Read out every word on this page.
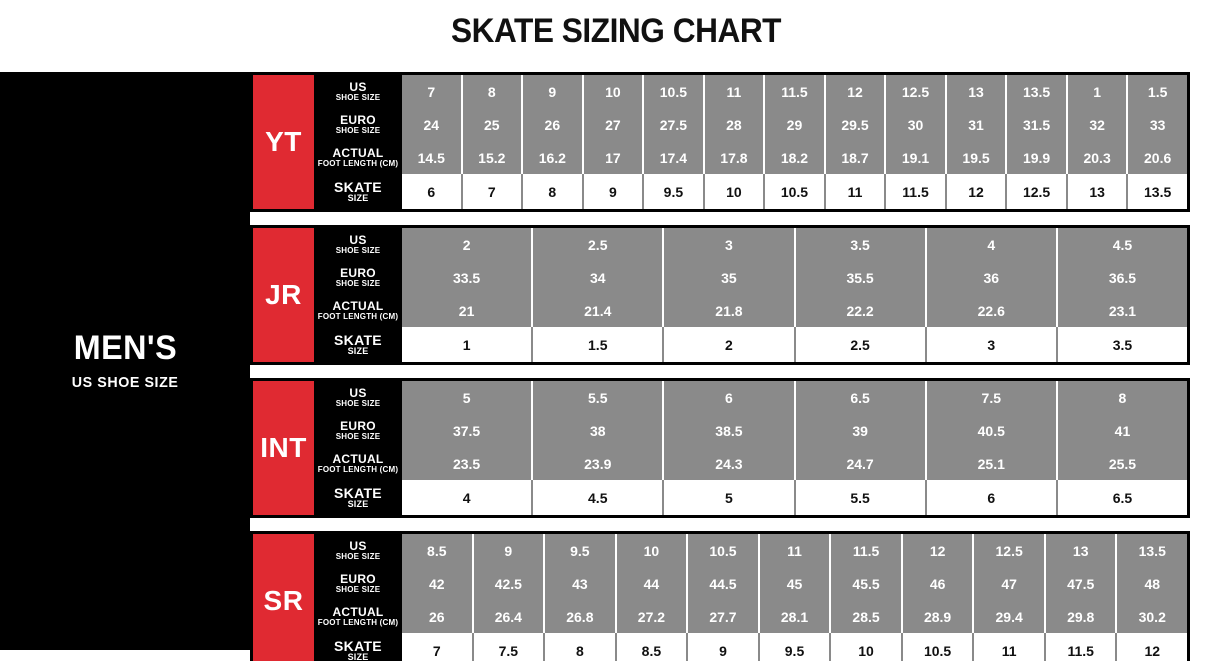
SKATE SIZING CHART
MEN'S
US SHOE SIZE
YT
US
SHOE SIZE	7	8	9	10	10.5	11	11.5	12	12.5	13	13.5	1	1.5
EURO
SHOE SIZE	24	25	26	27	27.5	28	29	29.5	30	31	31.5	32	33
ACTUAL
FOOT LENGTH (CM)	14.5	15.2	16.2	17	17.4	17.8	18.2	18.7	19.1	19.5	19.9	20.3	20.6
SKATE
SIZE	6	7	8	9	9.5	10	10.5	11	11.5	12	12.5	13	13.5
JR
US
SHOE SIZE	2	2.5	3	3.5	4	4.5
EURO
SHOE SIZE	33.5	34	35	35.5	36	36.5
ACTUAL
FOOT LENGTH (CM)	21	21.4	21.8	22.2	22.6	23.1
SKATE
SIZE	1	1.5	2	2.5	3	3.5
INT
US
SHOE SIZE	5	5.5	6	6.5	7.5	8
EURO
SHOE SIZE	37.5	38	38.5	39	40.5	41
ACTUAL
FOOT LENGTH (CM)	23.5	23.9	24.3	24.7	25.1	25.5
SKATE
SIZE	4	4.5	5	5.5	6	6.5
SR
US
SHOE SIZE	8.5	9	9.5	10	10.5	11	11.5	12	12.5	13	13.5
EURO
SHOE SIZE	42	42.5	43	44	44.5	45	45.5	46	47	47.5	48
ACTUAL
FOOT LENGTH (CM)	26	26.4	26.8	27.2	27.7	28.1	28.5	28.9	29.4	29.8	30.2
SKATE
SIZE	7	7.5	8	8.5	9	9.5	10	10.5	11	11.5	12
